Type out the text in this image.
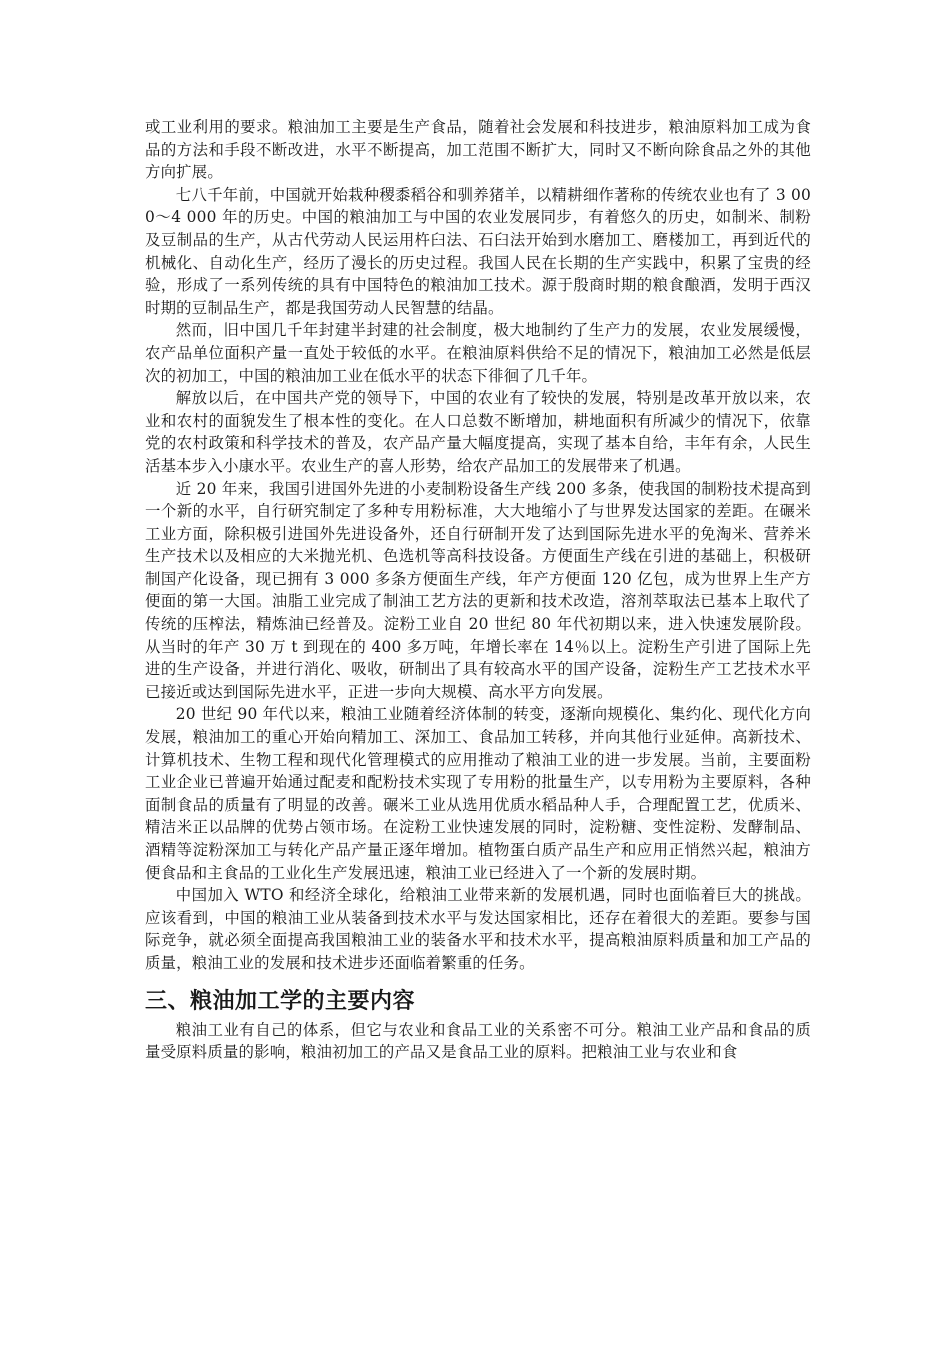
或工业利用的要求。粮油加工主要是生产食品，随着社会发展和科技进步，粮油原料加工成为食品的方法和手段不断改进，水平不断提高，加工范围不断扩大，同时又不断向除食品之外的其他方向扩展。

七八千年前，中国就开始栽种稷黍稻谷和驯养猪羊，以精耕细作著称的传统农业也有了 3 000～4 000 年的历史。中国的粮油加工与中国的农业发展同步，有着悠久的历史，如制米、制粉及豆制品的生产，从古代劳动人民运用杵臼法、石臼法开始到水磨加工、磨楼加工，再到近代的机械化、自动化生产，经历了漫长的历史过程。我国人民在长期的生产实践中，积累了宝贵的经验，形成了一系列传统的具有中国特色的粮油加工技术。源于殷商时期的粮食酿酒，发明于西汉时期的豆制品生产，都是我国劳动人民智慧的结晶。

然而，旧中国几千年封建半封建的社会制度，极大地制约了生产力的发展，农业发展缓慢，农产品单位面积产量一直处于较低的水平。在粮油原料供给不足的情况下，粮油加工必然是低层次的初加工，中国的粮油加工业在低水平的状态下徘徊了几千年。

解放以后，在中国共产党的领导下，中国的农业有了较快的发展，特别是改革开放以来，农业和农村的面貌发生了根本性的变化。在人口总数不断增加，耕地面积有所减少的情况下，依靠党的农村政策和科学技术的普及，农产品产量大幅度提高，实现了基本自给，丰年有余，人民生活基本步入小康水平。农业生产的喜人形势，给农产品加工的发展带来了机遇。

近 20 年来，我国引进国外先进的小麦制粉设备生产线 200 多条，使我国的制粉技术提高到一个新的水平，自行研究制定了多种专用粉标准，大大地缩小了与世界发达国家的差距。在碾米工业方面，除积极引进国外先进设备外，还自行研制开发了达到国际先进水平的免淘米、营养米生产技术以及相应的大米抛光机、色选机等高科技设备。方便面生产线在引进的基础上，积极研制国产化设备，现已拥有 3 000 多条方便面生产线，年产方便面 120 亿包，成为世界上生产方便面的第一大国。油脂工业完成了制油工艺方法的更新和技术改造，溶剂萃取法已基本上取代了传统的压榨法，精炼油已经普及。淀粉工业自 20 世纪 80 年代初期以来，进入快速发展阶段。从当时的年产 30 万 t 到现在的 400 多万吨，年增长率在 14％以上。淀粉生产引进了国际上先进的生产设备，并进行消化、吸收，研制出了具有较高水平的国产设备，淀粉生产工艺技术水平已接近或达到国际先进水平，正进一步向大规模、高水平方向发展。

20 世纪 90 年代以来，粮油工业随着经济体制的转变，逐渐向规模化、集约化、现代化方向发展，粮油加工的重心开始向精加工、深加工、食品加工转移，并向其他行业延伸。高新技术、计算机技术、生物工程和现代化管理模式的应用推动了粮油工业的进一步发展。当前，主要面粉工业企业已普遍开始通过配麦和配粉技术实现了专用粉的批量生产，以专用粉为主要原料，各种面制食品的质量有了明显的改善。碾米工业从选用优质水稻品种人手，合理配置工艺，优质米、精洁米正以品牌的优势占领市场。在淀粉工业快速发展的同时，淀粉糖、变性淀粉、发酵制品、酒精等淀粉深加工与转化产品产量正逐年增加。植物蛋白质产品生产和应用正悄然兴起，粮油方便食品和主食品的工业化生产发展迅速，粮油工业已经进入了一个新的发展时期。

中国加入 WTO 和经济全球化，给粮油工业带来新的发展机遇，同时也面临着巨大的挑战。应该看到，中国的粮油工业从装备到技术水平与发达国家相比，还存在着很大的差距。要参与国际竞争，就必须全面提高我国粮油工业的装备水平和技术水平，提高粮油原料质量和加工产品的质量，粮油工业的发展和技术进步还面临着繁重的任务。

三、粮油加工学的主要内容

粮油工业有自己的体系，但它与农业和食品工业的关系密不可分。粮油工业产品和食品的质量受原料质量的影响，粮油初加工的产品又是食品工业的原料。把粮油工业与农业和食
